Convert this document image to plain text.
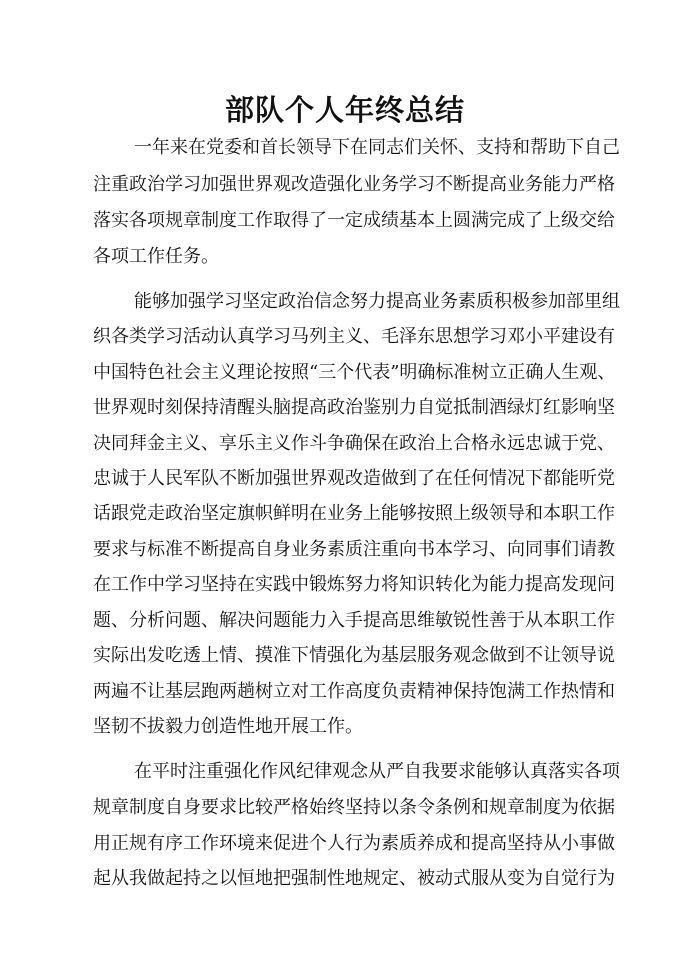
部队个人年终总结

一年来在党委和首长领导下在同志们关怀、支持和帮助下自己

注重政治学习加强世界观改造强化业务学习不断提高业务能力严格

落实各项规章制度工作取得了一定成绩基本上圆满完成了上级交给

各项工作任务。

能够加强学习坚定政治信念努力提高业务素质积极参加部里组

织各类学习活动认真学习马列主义、毛泽东思想学习邓小平建设有

中国特色社会主义理论按照“三个代表”明确标准树立正确人生观、

世界观时刻保持清醒头脑提高政治鉴别力自觉抵制酒绿灯红影响坚

决同拜金主义、享乐主义作斗争确保在政治上合格永远忠诚于党、

忠诚于人民军队不断加强世界观改造做到了在任何情况下都能听党

话跟党走政治坚定旗帜鲜明在业务上能够按照上级领导和本职工作

要求与标准不断提高自身业务素质注重向书本学习、向同事们请教

在工作中学习坚持在实践中锻炼努力将知识转化为能力提高发现问

题、分析问题、解决问题能力入手提高思维敏锐性善于从本职工作

实际出发吃透上情、摸准下情强化为基层服务观念做到不让领导说

两遍不让基层跑两趟树立对工作高度负责精神保持饱满工作热情和

坚韧不拔毅力创造性地开展工作。

在平时注重强化作风纪律观念从严自我要求能够认真落实各项

规章制度自身要求比较严格始终坚持以条令条例和规章制度为依据

用正规有序工作环境来促进个人行为素质养成和提高坚持从小事做

起从我做起持之以恒地把强制性地规定、被动式服从变为自觉行为
